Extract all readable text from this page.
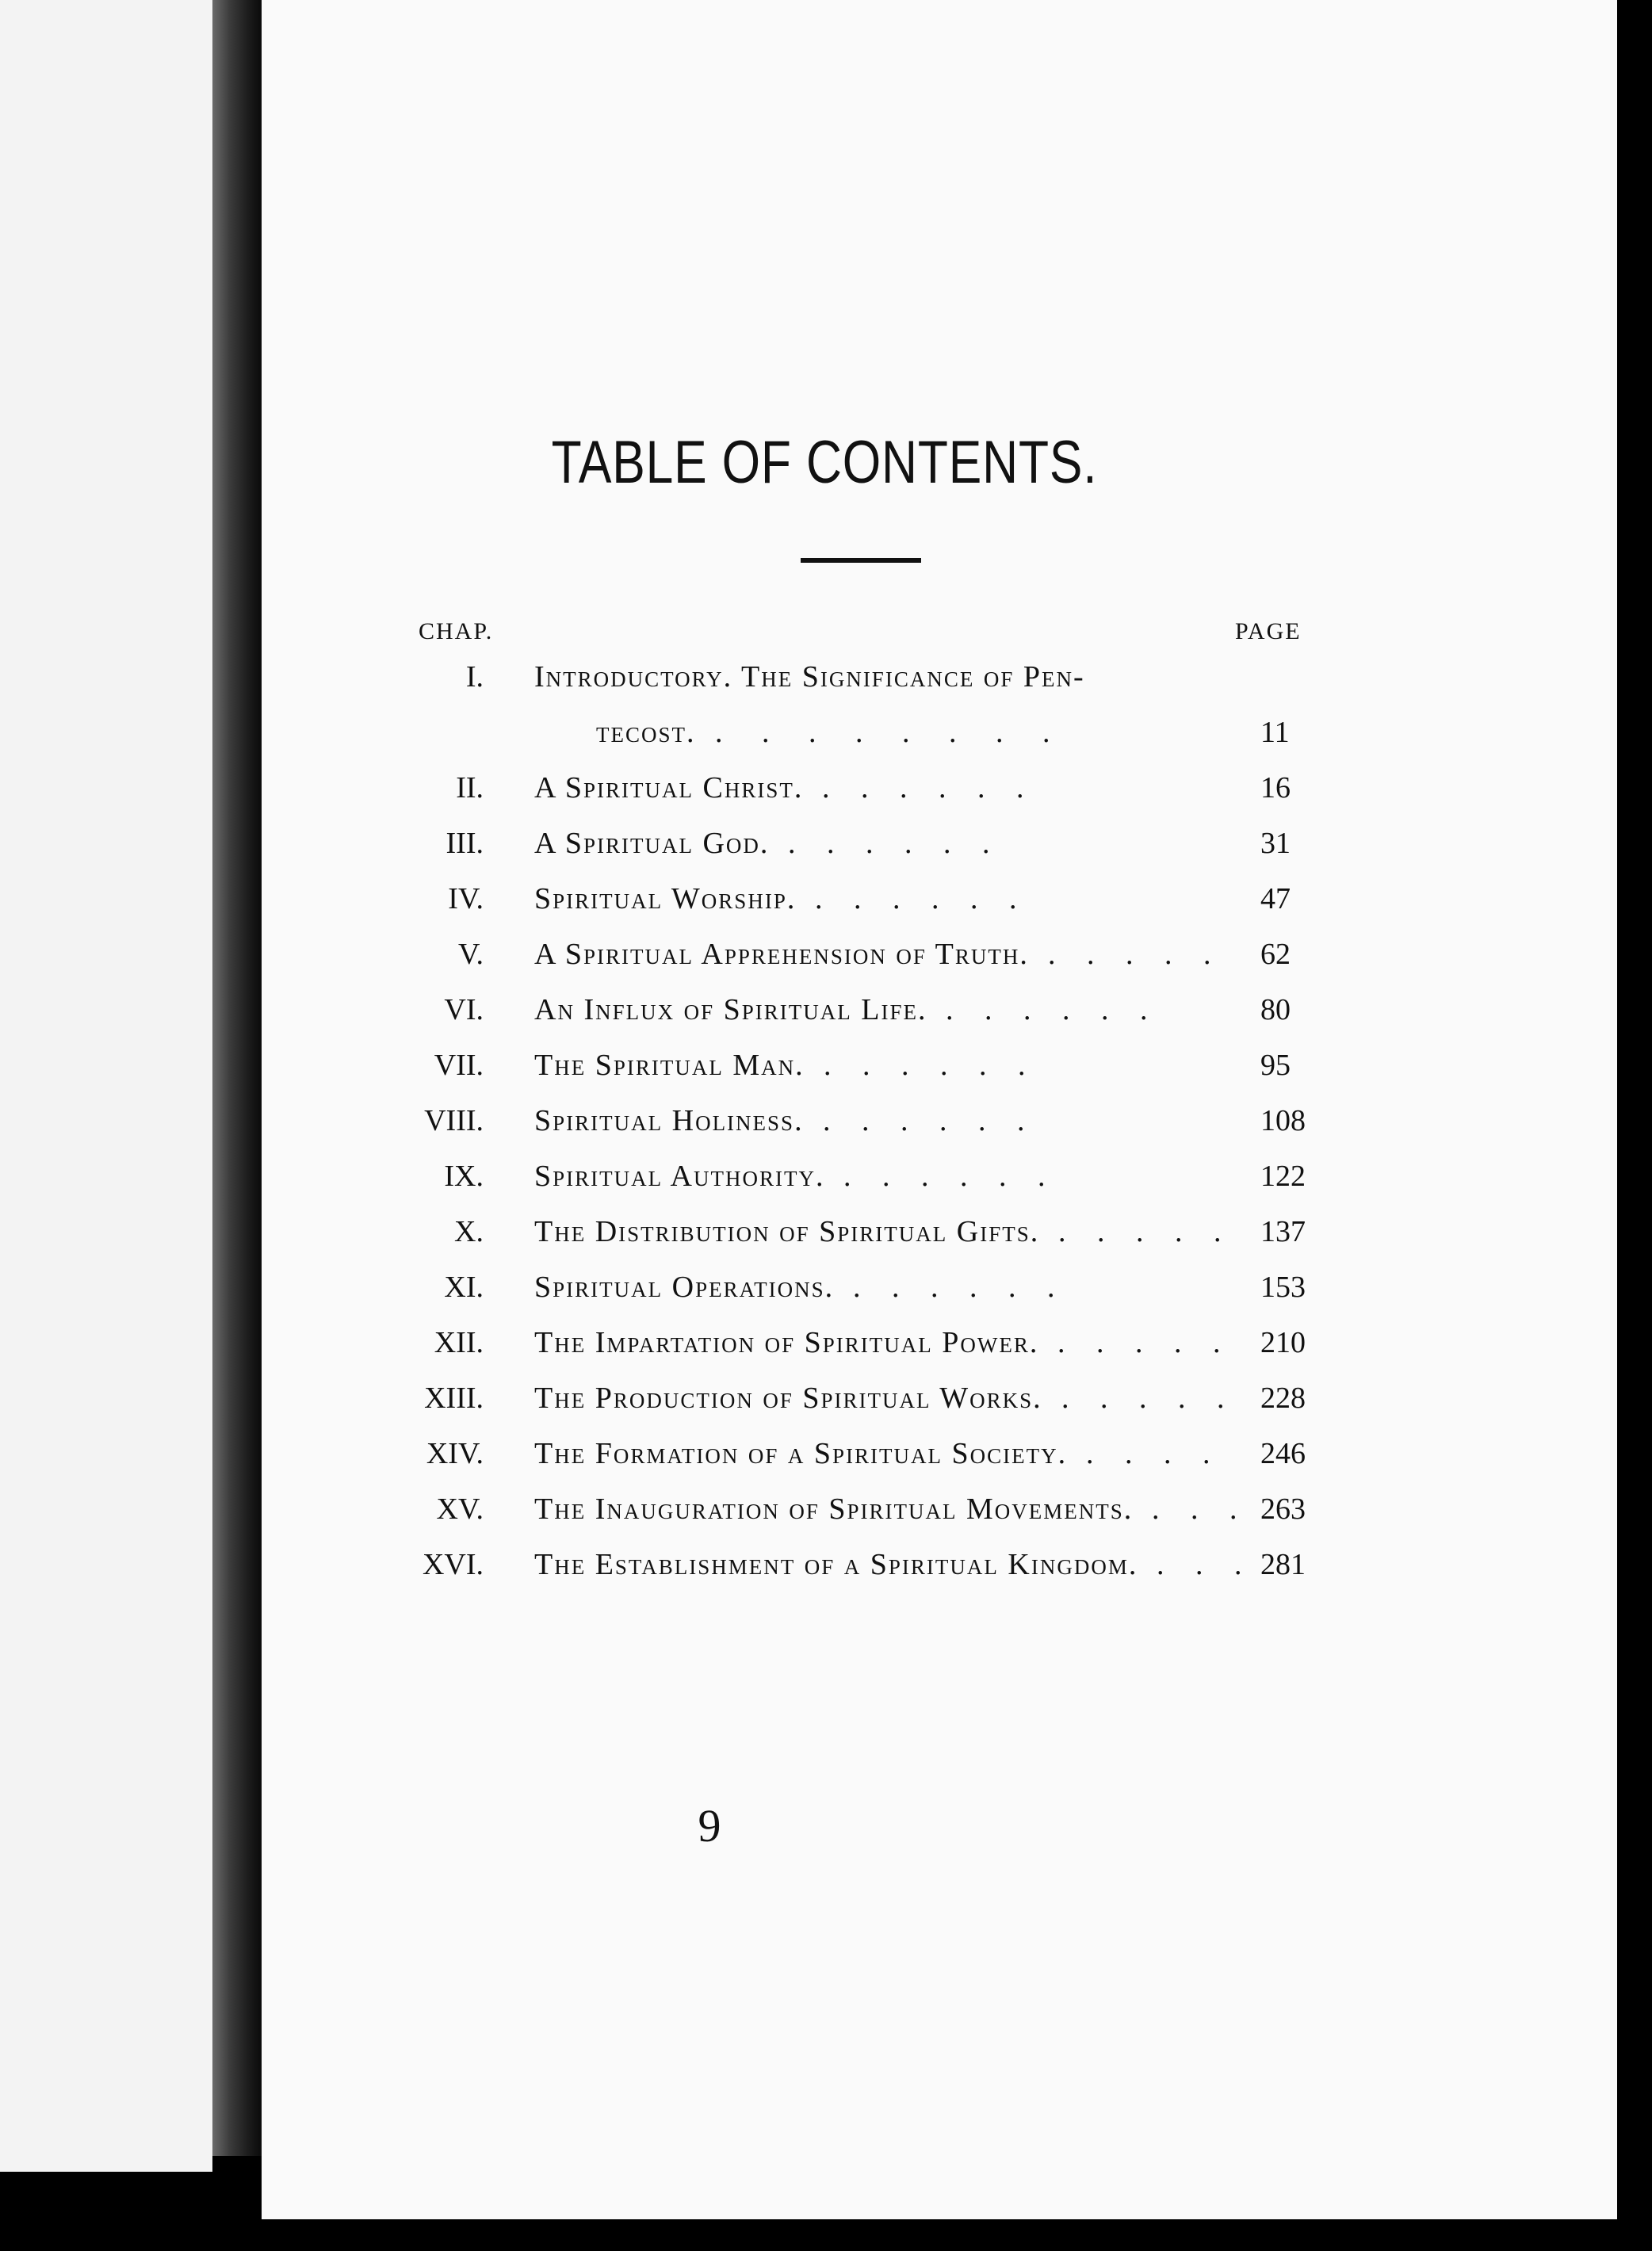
TABLE OF CONTENTS.
CHAP.	PAGE
I. Introductory. The Significance of Pen-
tecost. . . . . . . . .	11
II. A Spiritual Christ. . . . . . .	16
III. A Spiritual God. . . . . . .	31
IV. Spiritual Worship. . . . . . .	47
V. A Spiritual Apprehension of Truth. . . . . . 62
VI. An Influx of Spiritual Life. . . . . . .	80
VII. The Spiritual Man. . . . . . .	95
VIII. Spiritual Holiness. . . . . . .	108
IX. Spiritual Authority. . . . . . .	122
X. The Distribution of Spiritual Gifts. . . . . . 137
XI. Spiritual Operations. . . . . . .	153
XII. The Impartation of Spiritual Power. . . . . . 210
XIII. The Production of Spiritual Works. . . . . . 228
XIV. The Formation of a Spiritual Society. . . . . 246
XV. The Inauguration of Spiritual Movements. . . . 263
XVI. The Establishment of a Spiritual Kingdom. . . . 281
9
